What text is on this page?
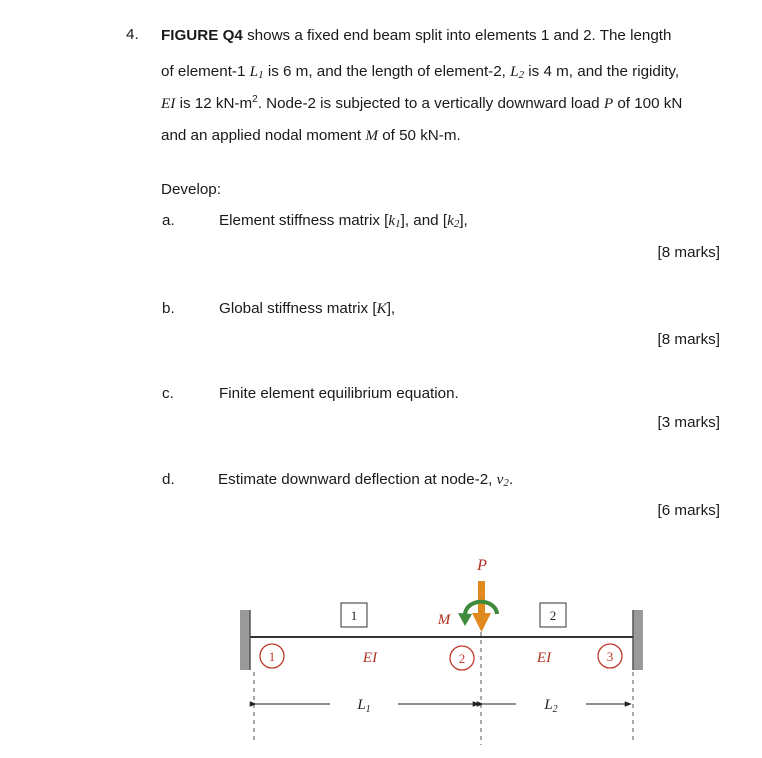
4. FIGURE Q4 shows a fixed end beam split into elements 1 and 2. The length
of element-1 $L_1$ is 6 m, and the length of element-2, $L_2$ is 4 m, and the rigidity,
EI is 12 $kN-m^2$. Node-2 is subjected to a vertically downward load P of 100 kN
and an applied nodal moment M of 50 kN-m.
Develop:
a.	Element stiffness matrix $[k_1]$, and $[k_2]$,
[8 marks]
b.	Global stiffness matrix [K],
[8 marks]
c.	Finite element equilibrium equation.
[3 marks]
d.	Estimate downward deflection at node-2, $v_2$.
[6 marks]
1	2
1	2	3
EI	EI
P
M
$L_1$	$L_2$
